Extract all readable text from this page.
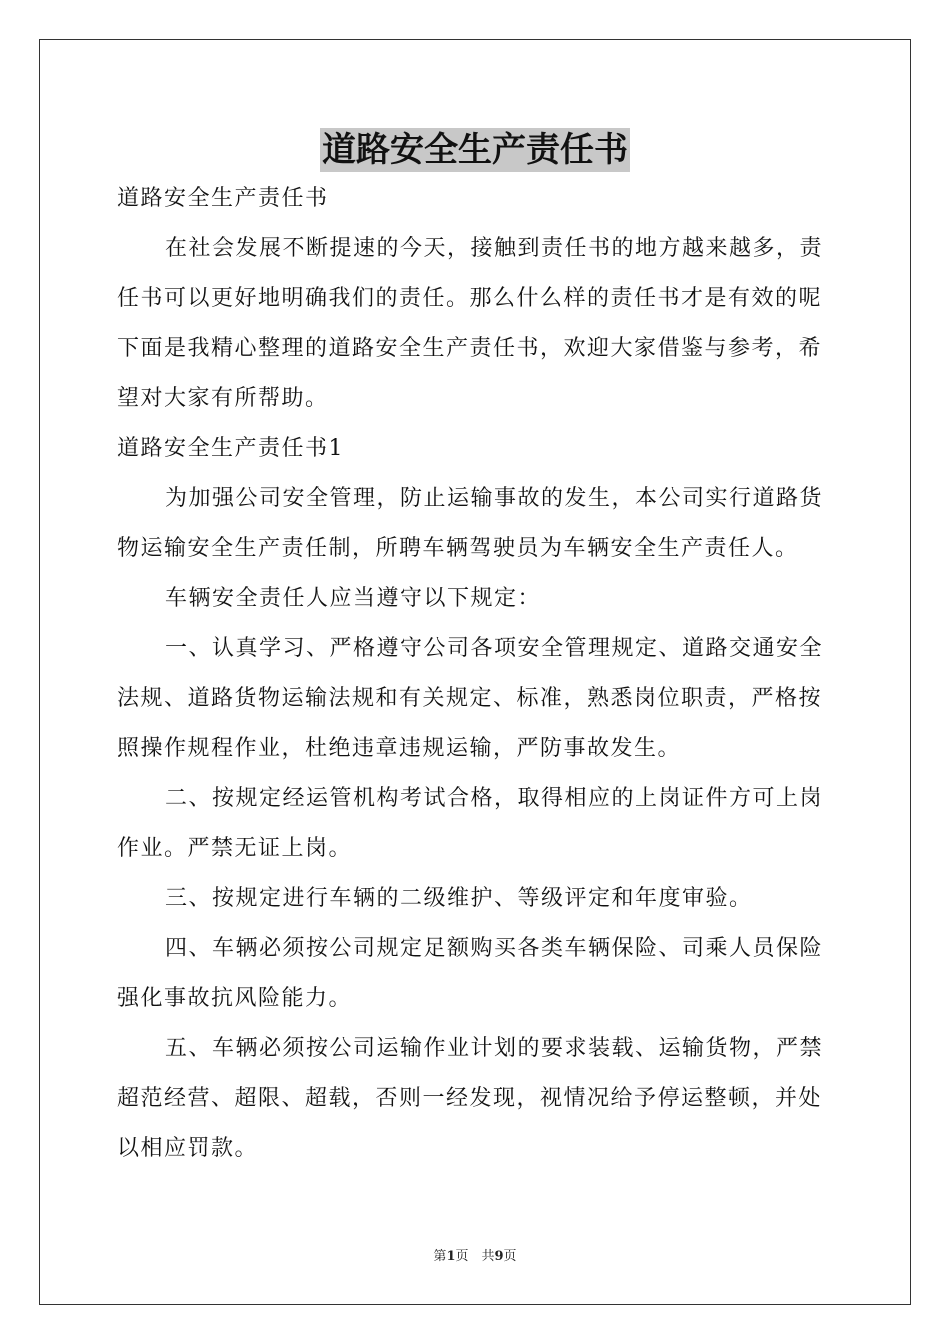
道路安全生产责任书
道路安全生产责任书
在社会发展不断提速的今天，接触到责任书的地方越来越多，责
任书可以更好地明确我们的责任。那么什么样的责任书才是有效的呢
下面是我精心整理的道路安全生产责任书，欢迎大家借鉴与参考，希
望对大家有所帮助。
道路安全生产责任书1
为加强公司安全管理，防止运输事故的发生，本公司实行道路货
物运输安全生产责任制，所聘车辆驾驶员为车辆安全生产责任人。
车辆安全责任人应当遵守以下规定：
一、认真学习、严格遵守公司各项安全管理规定、道路交通安全
法规、道路货物运输法规和有关规定、标准，熟悉岗位职责，严格按
照操作规程作业，杜绝违章违规运输，严防事故发生。
二、按规定经运管机构考试合格，取得相应的上岗证件方可上岗
作业。严禁无证上岗。
三、按规定进行车辆的二级维护、等级评定和年度审验。
四、车辆必须按公司规定足额购买各类车辆保险、司乘人员保险
强化事故抗风险能力。
五、车辆必须按公司运输作业计划的要求装载、运输货物，严禁
超范经营、超限、超载，否则一经发现，视情况给予停运整顿，并处
以相应罚款。
第1页　共9页
